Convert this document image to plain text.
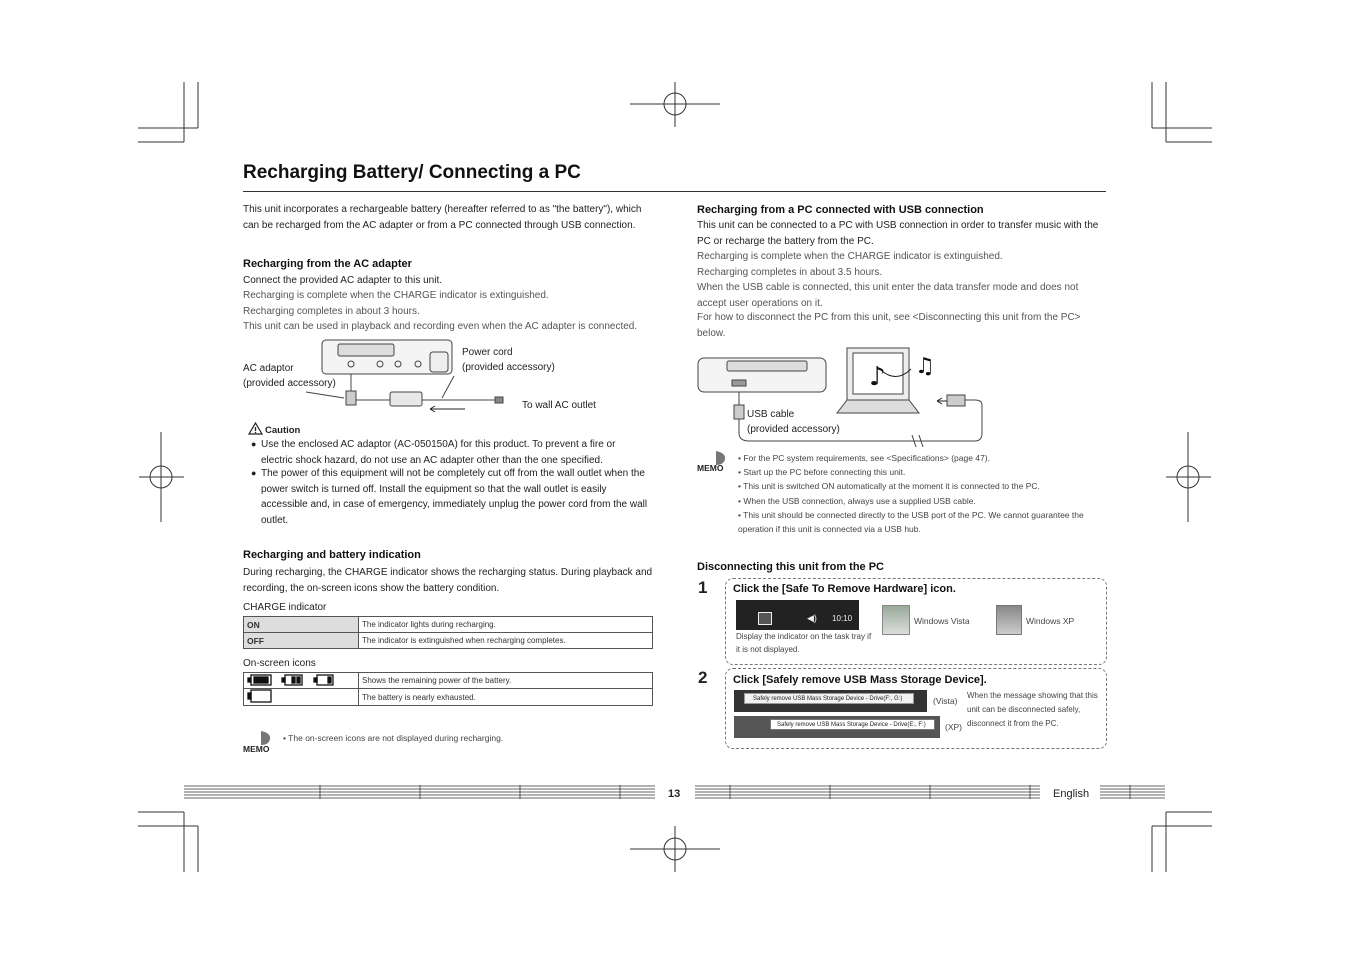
Recharging Battery/ Connecting a PC
This unit incorporates a rechargeable battery (hereafter referred to as "the battery"), which can be recharged from the AC adapter or from a PC connected through USB connection.
Recharging from the AC adapter
Connect the provided AC adapter to this unit.
Recharging is complete when the CHARGE indicator is extinguished.
Recharging completes in about 3 hours.
This unit can be used in playback and recording even when the AC adapter is connected.
AC adaptor
(provided accessory)
Power cord
(provided accessory)
To wall AC outlet
Caution
● Use the enclosed AC adaptor (AC-050150A) for this product. To prevent a fire or electric shock hazard, do not use an AC adapter other than the one specified.
● The power of this equipment will not be completely cut off from the wall outlet when the power switch is turned off. Install the equipment so that the wall outlet is easily accessible and, in case of emergency, immediately unplug the power cord from the wall outlet.
Recharging and battery indication
During recharging, the CHARGE indicator shows the recharging status. During playback and recording, the on-screen icons show the battery condition.
CHARGE indicator
ON	The indicator lights during recharging.
OFF	The indicator is extinguished when recharging completes.
On-screen icons
	Shows the remaining power of the battery.
	The battery is nearly exhausted.
MEMO
• The on-screen icons are not displayed during recharging.
Recharging from a PC connected with USB connection
This unit can be connected to a PC with USB connection in order to transfer music with the PC or recharge the battery from the PC.
Recharging is complete when the CHARGE indicator is extinguished.
Recharging completes in about 3.5 hours.
When the USB cable is connected, this unit enter the data transfer mode and does not accept user operations on it.
For how to disconnect the PC from this unit, see <Disconnecting this unit from the PC> below.
♪ ♫
USB cable
(provided accessory)
MEMO
• For the PC system requirements, see <Specifications> (page 47).
• Start up the PC before connecting this unit.
• This unit is switched ON automatically at the moment it is connected to the PC.
• When the USB connection, always use a supplied USB cable.
• This unit should be connected directly to the USB port of the PC. We cannot guarantee the operation if this unit is connected via a USB hub.
Disconnecting this unit from the PC
1 Click the [Safe To Remove Hardware] icon.
◀) 10:10
Display the indicator on the task tray if it is not displayed.
Windows Vista	Windows XP
2 Click [Safely remove USB Mass Storage Device].
Safely remove USB Mass Storage Device - Drive(F:, G:)	(Vista)
Safely remove USB Mass Storage Device - Drive(E:, F:)	(XP)
When the message showing that this unit can be disconnected safely, disconnect it from the PC.
13	English
